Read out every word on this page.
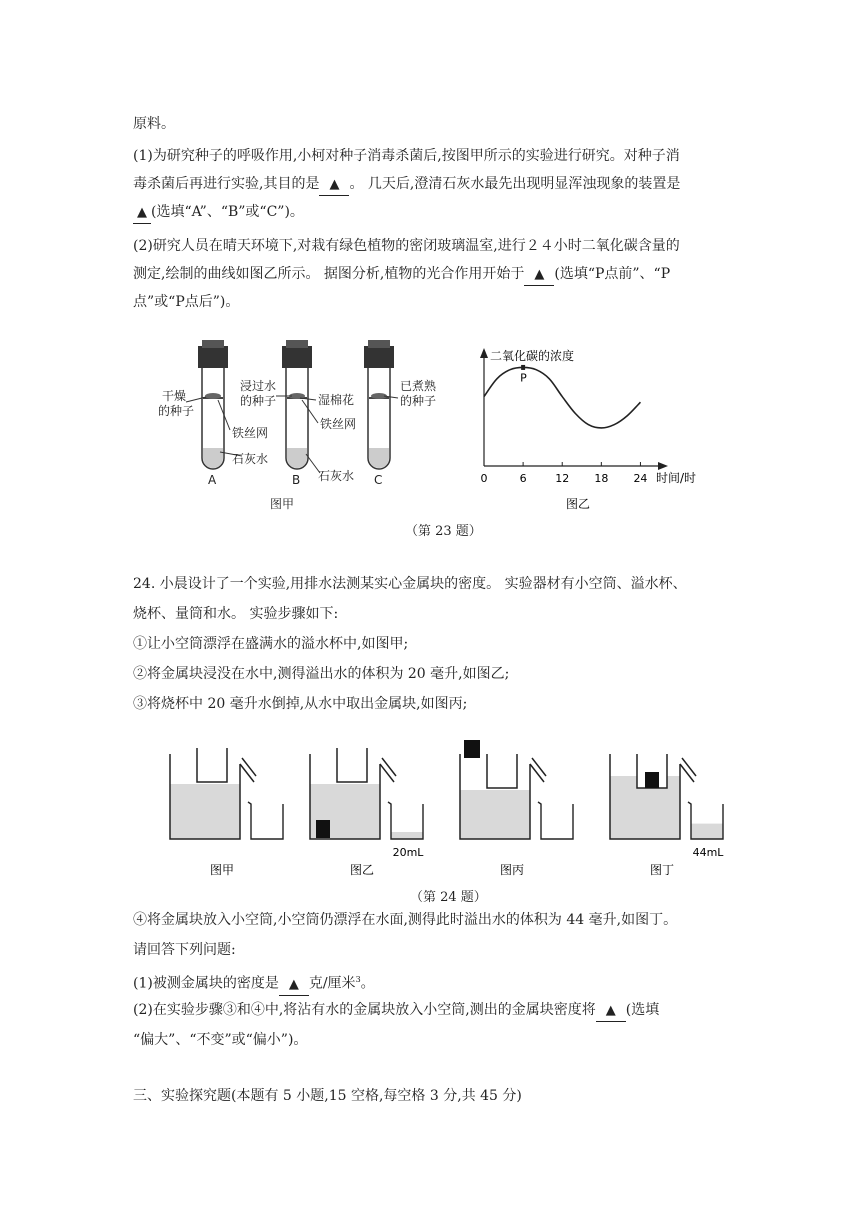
原料。
(1)为研究种子的呼吸作用,小柯对种子消毒杀菌后,按图甲所示的实验进行研究。对种子消
毒杀菌后再进行实验,其目的是 ▲ 。 几天后,澄清石灰水最先出现明显浑浊现象的装置是
▲ (选填“A”、“B”或“C”)。
(2)研究人员在晴天环境下,对栽有绿色植物的密闭玻璃温室,进行２４小时二氧化碳含量的
测定,绘制的曲线如图乙所示。 据图分析,植物的光合作用开始于 ▲ (选填“P点前”、“P
点”或“P点后”)。
干燥
的种子
浸过水
的种子	湿棉花
已煮熟
的种子
铁丝网
铁丝网
石灰水
石灰水
A	B	C
图甲
二氧化碳的浓度
时间/时
0	6	12 18 24
P
图乙
（第 23 题）
24. 小晨设计了一个实验,用排水法测某实心金属块的密度。 实验器材有小空筒、溢水杯、
烧杯、量筒和水。 实验步骤如下:
①让小空筒漂浮在盛满水的溢水杯中,如图甲;
②将金属块浸没在水中,测得溢出水的体积为 20 毫升,如图乙;
③将烧杯中 20 毫升水倒掉,从水中取出金属块,如图丙;
图甲	图乙
20mL
图丙	图丁
44mL
（第 24 题）
④将金属块放入小空筒,小空筒仍漂浮在水面,测得此时溢出水的体积为 44 毫升,如图丁。
请回答下列问题:
(1)被测金属块的密度是 ▲ 克/厘米$^3$。
(2)在实验步骤③和④中,将沾有水的金属块放入小空筒,测出的金属块密度将 ▲ (选填
“偏大”、“不变”或“偏小”)。
三、实验探究题(本题有 5 小题,15 空格,每空格 3 分,共 45 分)
